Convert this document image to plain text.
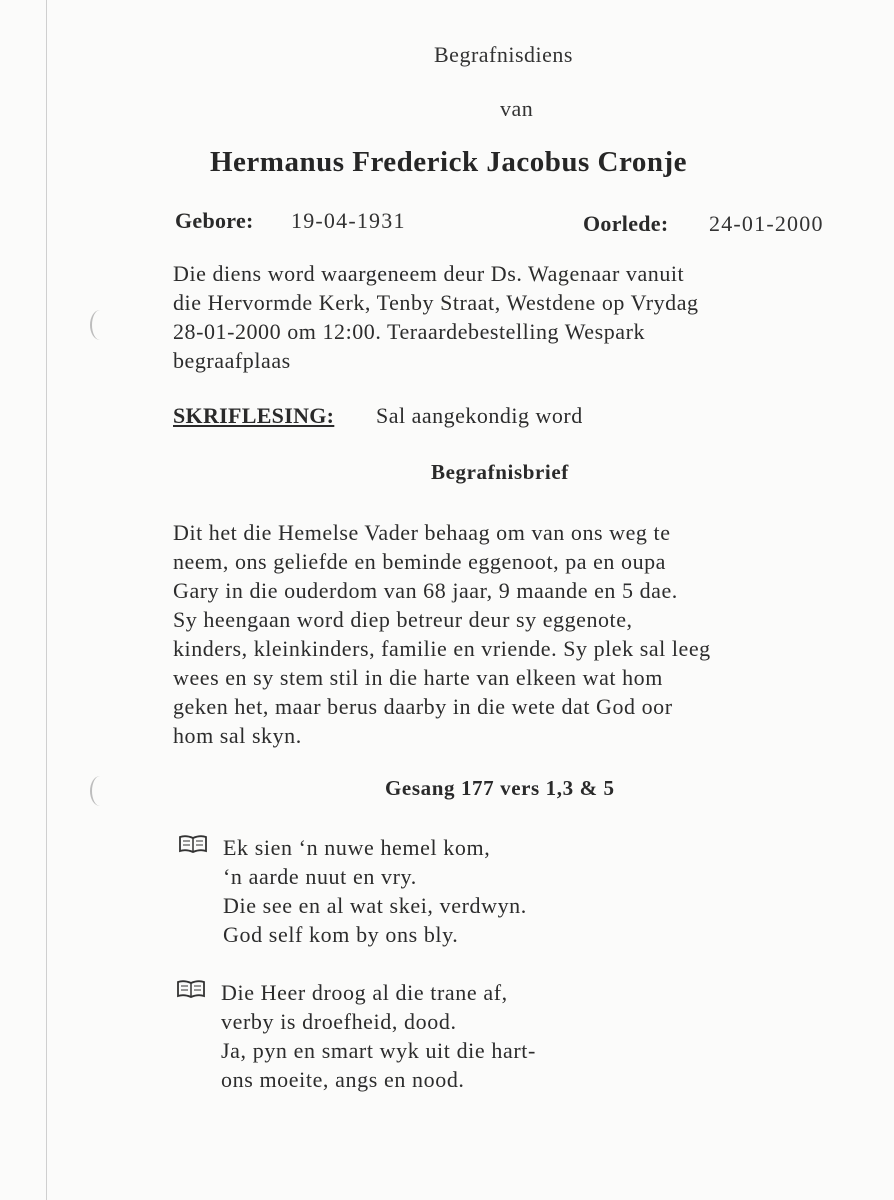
Begrafnisdiens
van
Hermanus Frederick Jacobus Cronje
Gebore: 19-04-1931	Oorlede: 24-01-2000
Die diens word waargeneem deur Ds. Wagenaar vanuit
die Hervormde Kerk, Tenby Straat, Westdene op Vrydag
28-01-2000 om 12:00. Teraardebestelling Wespark
begraafplaas
SKRIFLESING: Sal aangekondig word
Begrafnisbrief
Dit het die Hemelse Vader behaag om van ons weg te
neem, ons geliefde en beminde eggenoot, pa en oupa
Gary in die ouderdom van 68 jaar, 9 maande en 5 dae.
Sy heengaan word diep betreur deur sy eggenote,
kinders, kleinkinders, familie en vriende. Sy plek sal leeg
wees en sy stem stil in die harte van elkeen wat hom
geken het, maar berus daarby in die wete dat God oor
hom sal skyn.
Gesang 177 vers 1,3 & 5
Ek sien ‘n nuwe hemel kom,
‘n aarde nuut en vry.
Die see en al wat skei, verdwyn.
God self kom by ons bly.
Die Heer droog al die trane af,
verby is droefheid, dood.
Ja, pyn en smart wyk uit die hart-
ons moeite, angs en nood.
